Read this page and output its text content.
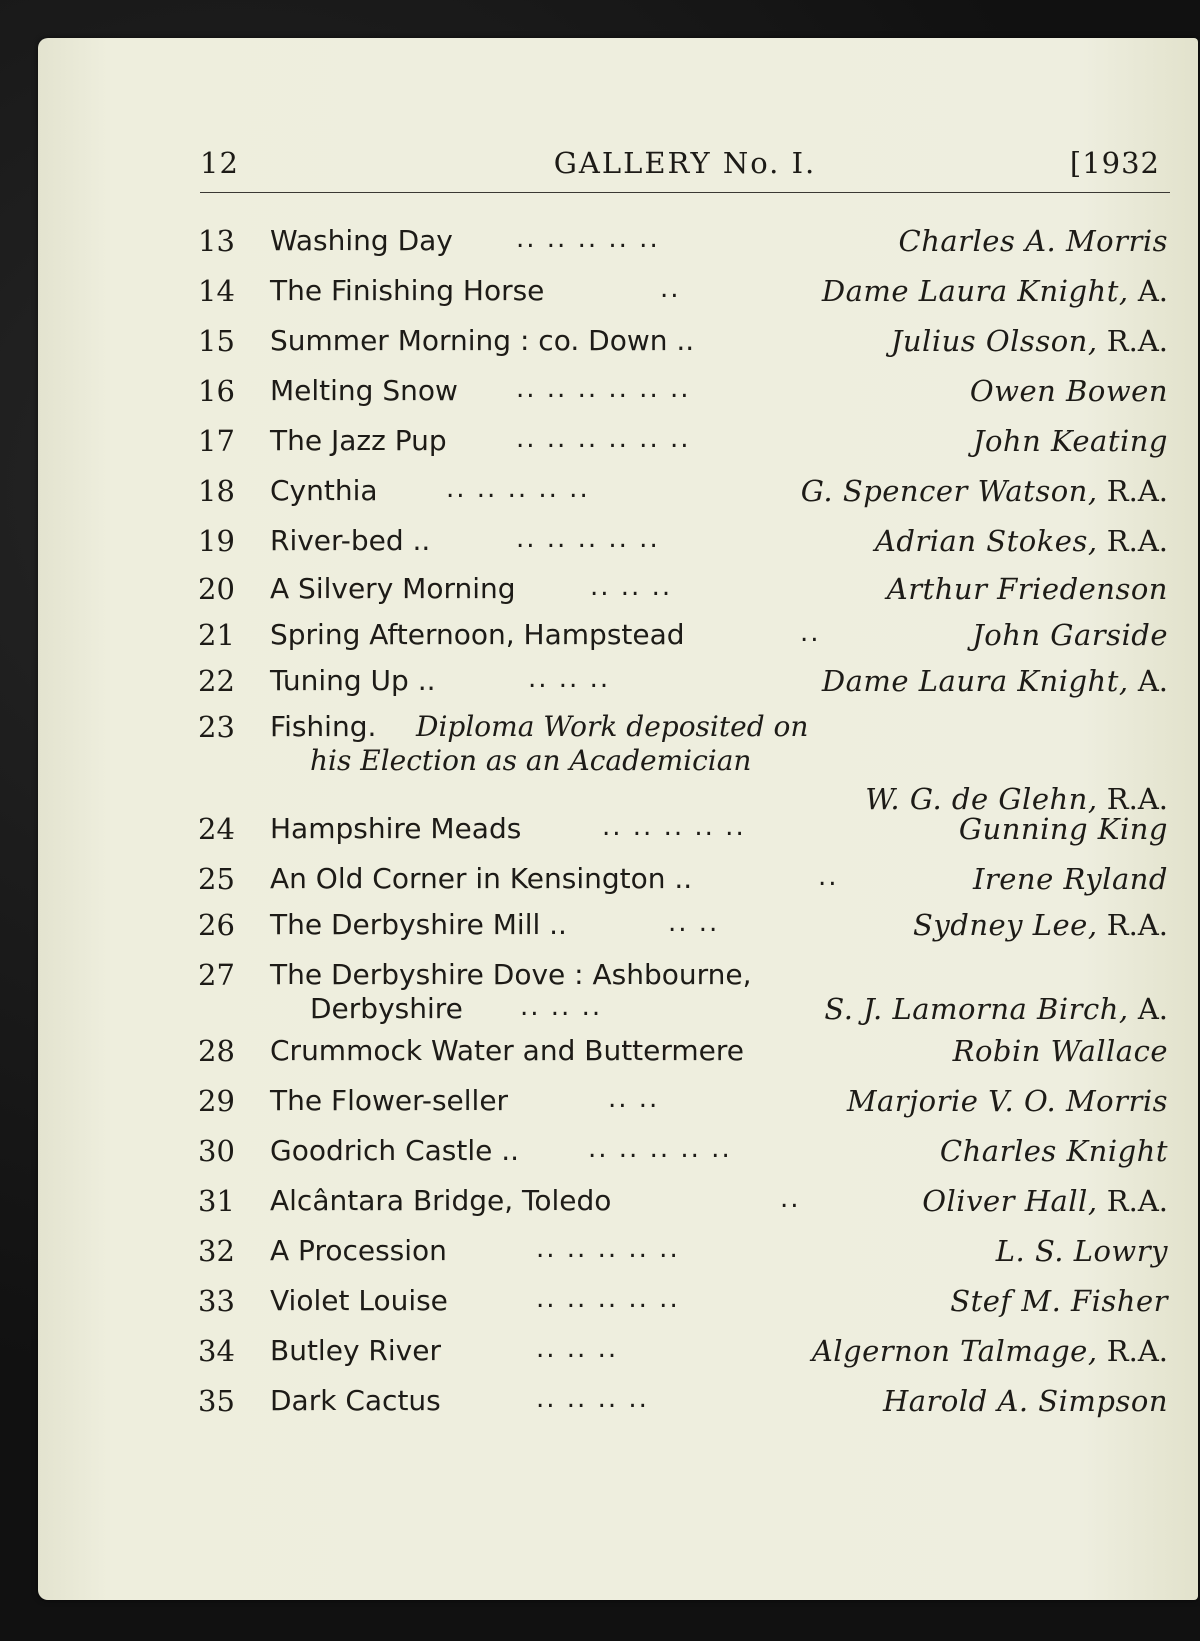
12	GALLERY No. I.	[1932
13	Washing Day .. .. .. .. ..	Charles A. Morris
14	The Finishing Horse	..	Dame Laura Knight, A.
15	Summer Morning : co. Down ..	Julius Olsson, R.A.
16	Melting Snow .. .. .. .. .. ..	Owen Bowen
17	The Jazz Pup	.. .. .. .. .. ..	John Keating
18	Cynthia	.. .. .. .. ..	G. Spencer Watson, R.A.
19	River-bed ..	.. .. .. .. ..	Adrian Stokes, R.A.
20	A Silvery Morning	.. .. ..	Arthur Friedenson
21	Spring Afternoon, Hampstead	..	John Garside
22	Tuning Up ..	.. .. ..	Dame Laura Knight, A.
23	Fishing. Diploma Work deposited on
his Election as an Academician
W. G. de Glehn, R.A.
24	Hampshire Meads	.. .. .. .. ..	Gunning King
25	An Old Corner in Kensington ..	..	Irene Ryland
26	The Derbyshire Mill ..	.. ..	Sydney Lee, R.A.
27	The Derbyshire Dove : Ashbourne,
Derbyshire .. .. ..	S. J. Lamorna Birch, A.
28	Crummock Water and Buttermere	Robin Wallace
29	The Flower-seller	.. ..	Marjorie V. O. Morris
30	Goodrich Castle ..	.. .. .. .. ..	Charles Knight
31	Alcântara Bridge, Toledo	..	Oliver Hall, R.A.
32	A Procession	.. .. .. .. ..	L. S. Lowry
33	Violet Louise	.. .. .. .. ..	Stef M. Fisher
34	Butley River	.. .. ..	Algernon Talmage, R.A.
35	Dark Cactus	.. .. .. ..	Harold A. Simpson
